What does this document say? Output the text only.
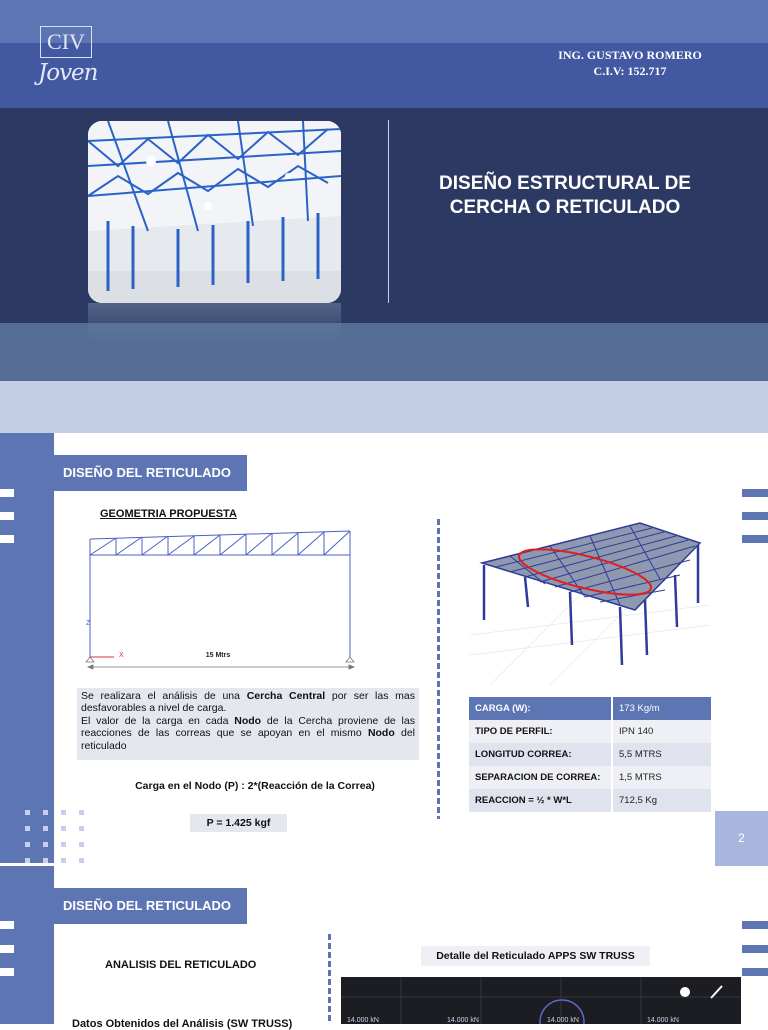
CIV
Joven
ING. GUSTAVO ROMERO
C.I.V: 152.717
DISEÑO ESTRUCTURAL DE
CERCHA O RETICULADO
2
DISEÑO DEL RETICULADO
GEOMETRIA PROPUESTA
15 Mtrs
X
Z
Se realizara el análisis de una Cercha Central por ser las mas desfavorables a nivel de carga.
El valor de la carga en cada Nodo de la Cercha proviene de las reacciones de las correas que se apoyan en el mismo Nodo del reticulado
Carga en el Nodo (P) : 2*(Reacción de la Correa)
P = 1.425 kgf
CARGA (W):	173 Kg/m
TIPO DE PERFIL:	IPN 140
LONGITUD CORREA:	5,5 MTRS
SEPARACION DE CORREA:	1,5 MTRS
REACCION = ½ * W*L	712,5 Kg
DISEÑO DEL RETICULADO
ANALISIS DEL RETICULADO
Datos Obtenidos del Análisis (SW TRUSS)
Detalle del Reticulado APPS SW TRUSS
14.000 kN	14.000 kN	14.000 kN	14.000 kN
